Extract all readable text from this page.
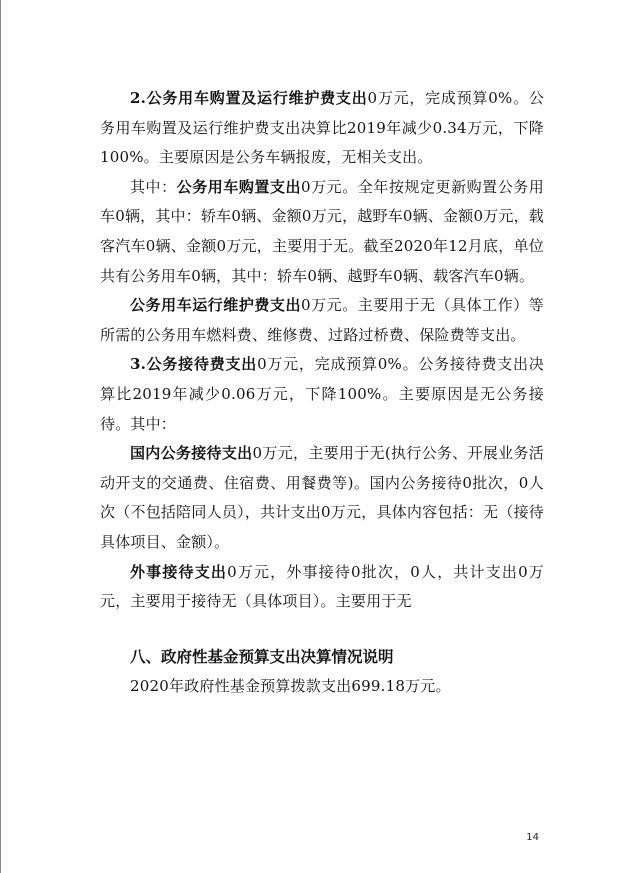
2.公务用车购置及运行维护费支出0万元，完成预算0%。公务用车购置及运行维护费支出决算比2019年减少0.34万元，下降100%。主要原因是公务车辆报废，无相关支出。

其中：公务用车购置支出0万元。全年按规定更新购置公务用车0辆，其中：轿车0辆、金额0万元，越野车0辆、金额0万元，载客汽车0辆、金额0万元，主要用于无。截至2020年12月底，单位共有公务用车0辆，其中：轿车0辆、越野车0辆、载客汽车0辆。

公务用车运行维护费支出0万元。主要用于无（具体工作）等所需的公务用车燃料费、维修费、过路过桥费、保险费等支出。

3.公务接待费支出0万元，完成预算0%。公务接待费支出决算比2019年减少0.06万元，下降100%。主要原因是无公务接待。其中：

国内公务接待支出0万元，主要用于无(执行公务、开展业务活动开支的交通费、住宿费、用餐费等)。国内公务接待0批次，0人次（不包括陪同人员），共计支出0万元，具体内容包括：无（接待具体项目、金额）。

外事接待支出0万元，外事接待0批次，0人，共计支出0万元，主要用于接待无（具体项目）。主要用于无

八、政府性基金预算支出决算情况说明

2020年政府性基金预算拨款支出699.18万元。

14
